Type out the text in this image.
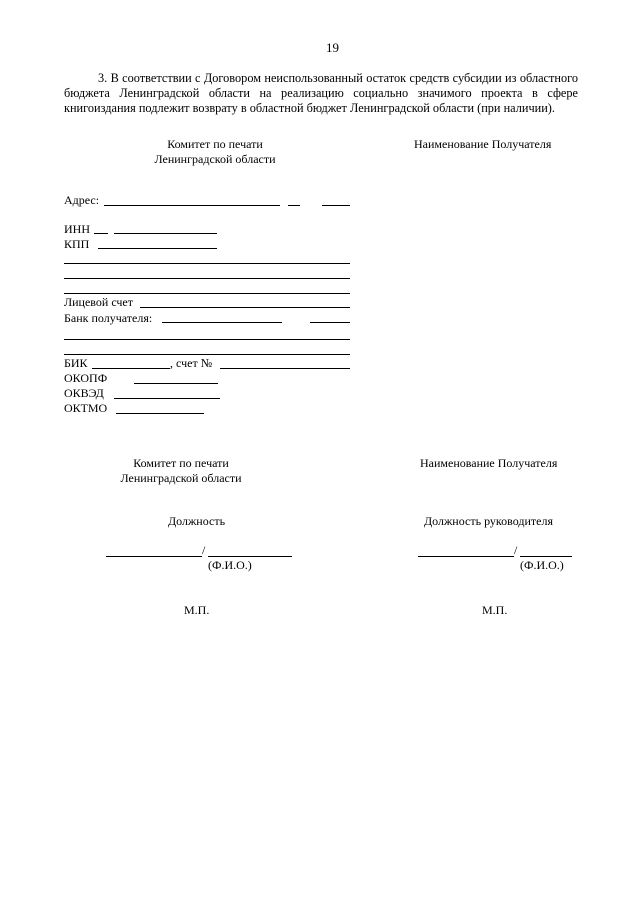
19
3. В соответствии с Договором неиспользованный остаток средств субсидии из областного
бюджета Ленинградской области на реализацию социально значимого проекта в сфере
книгоиздания подлежит возврату в областной бюджет Ленинградской области (при наличии).
Комитет по печати
Ленинградской области
Наименование Получателя
Адрес:
ИНН
КПП
Лицевой счет
Банк получателя:
БИК	, счет №
ОКОПФ
ОКВЭД
ОКТМО
Комитет по печати
Ленинградской области
Должность
/
(Ф.И.О.)
М.П.
Наименование Получателя
Должность руководителя
/
(Ф.И.О.)
М.П.
